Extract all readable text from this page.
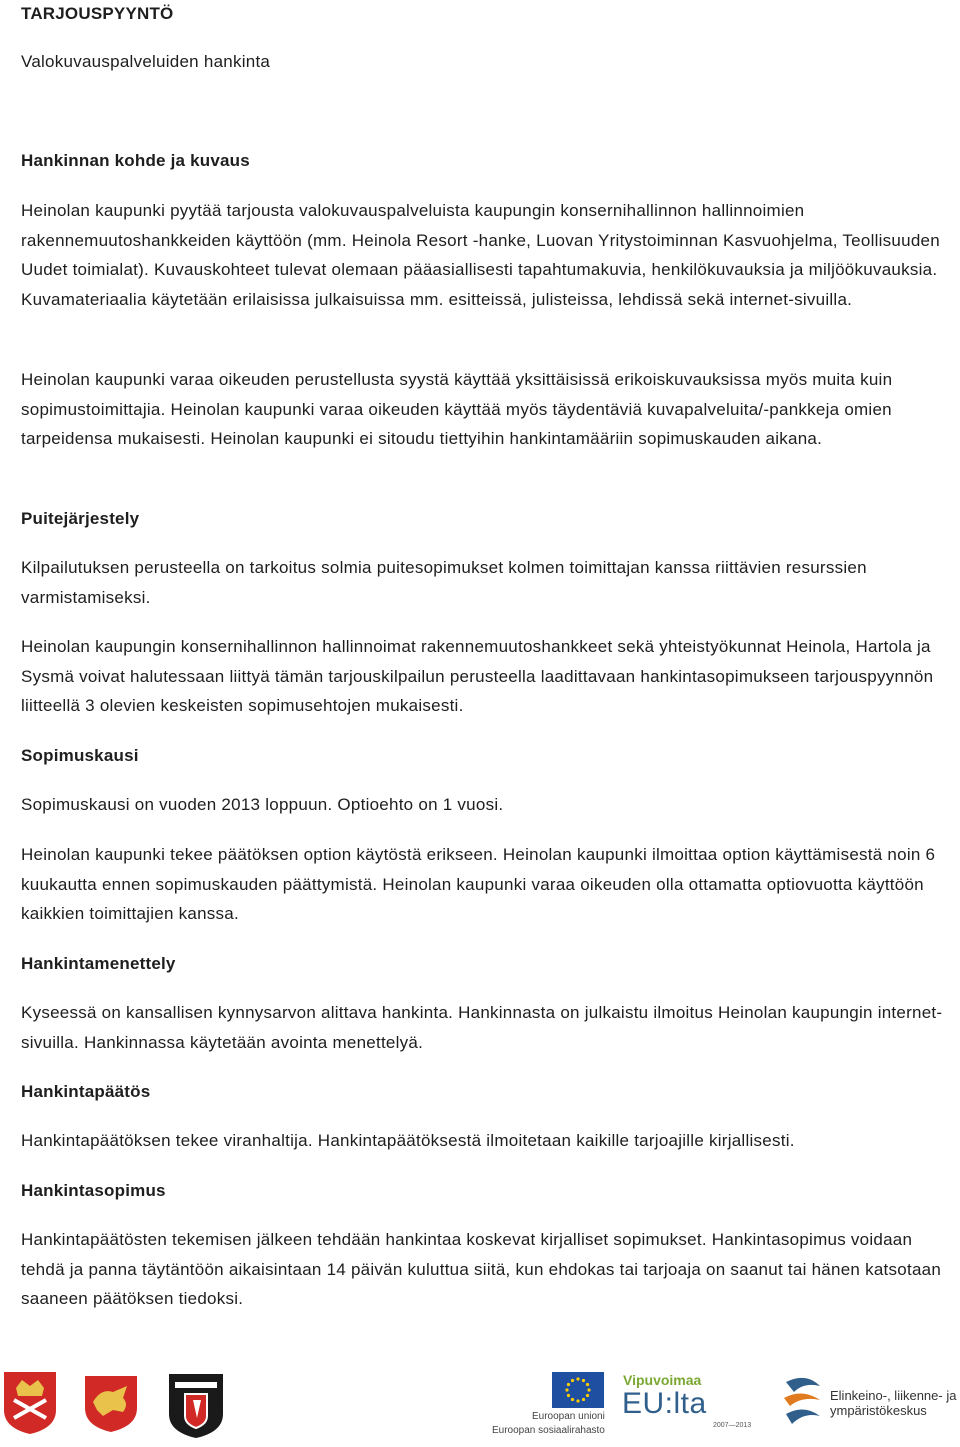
TARJOUSPYYNTÖ
Valokuvauspalveluiden hankinta
Hankinnan kohde ja kuvaus
Heinolan kaupunki pyytää tarjousta valokuvauspalveluista kaupungin konsernihallinnon hallinnoimien rakennemuutoshankkeiden käyttöön (mm. Heinola Resort -hanke, Luovan Yritystoiminnan Kasvuohjelma, Teollisuuden Uudet toimialat). Kuvauskohteet tulevat olemaan pääasiallisesti tapahtumakuvia, henkilökuvauksia ja miljöökuvauksia. Kuvamateriaalia käytetään erilaisissa julkaisuissa mm. esitteissä, julisteissa, lehdissä sekä internet-sivuilla.
Heinolan kaupunki varaa oikeuden perustellusta syystä käyttää yksittäisissä erikoiskuvauksissa myös muita kuin sopimustoimittajia. Heinolan kaupunki varaa oikeuden käyttää myös täydentäviä kuvapalveluita/-pankkeja omien tarpeidensa mukaisesti. Heinolan kaupunki ei sitoudu tiettyihin hankintamääriin sopimuskauden aikana.
Puitejärjestely
Kilpailutuksen perusteella on tarkoitus solmia puitesopimukset kolmen toimittajan kanssa riittävien resurssien varmistamiseksi.
Heinolan kaupungin konsernihallinnon hallinnoimat rakennemuutoshankkeet sekä yhteistyökunnat Heinola, Hartola ja Sysmä voivat halutessaan liittyä tämän tarjouskilpailun perusteella laadittavaan hankintasopimukseen tarjouspyynnön liitteellä 3 olevien keskeisten sopimusehtojen mukaisesti.
Sopimuskausi
Sopimuskausi on vuoden 2013 loppuun. Optioehto on 1 vuosi.
Heinolan kaupunki tekee päätöksen option käytöstä erikseen. Heinolan kaupunki ilmoittaa option käyttämisestä noin 6 kuukautta ennen sopimuskauden päättymistä. Heinolan kaupunki varaa oikeuden olla ottamatta optiovuotta käyttöön kaikkien toimittajien kanssa.
Hankintamenettely
Kyseessä on kansallisen kynnysarvon alittava hankinta. Hankinnasta on julkaistu ilmoitus Heinolan kaupungin internet-sivuilla. Hankinnassa käytetään avointa menettelyä.
Hankintapäätös
Hankintapäätöksen tekee viranhaltija. Hankintapäätöksestä ilmoitetaan kaikille tarjoajille kirjallisesti.
Hankintasopimus
Hankintapäätösten tekemisen jälkeen tehdään hankintaa koskevat kirjalliset sopimukset. Hankintasopimus voidaan tehdä ja panna täytäntöön aikaisintaan 14 päivän kuluttua siitä, kun ehdokas tai tarjoaja on saanut tai hänen katsotaan saaneen päätöksen tiedoksi.
Euroopan unioni
Euroopan sosiaalirahasto
Vipuvoimaa
EU:lta
2007—2013
Elinkeino-, liikenne- ja
ympäristökeskus
